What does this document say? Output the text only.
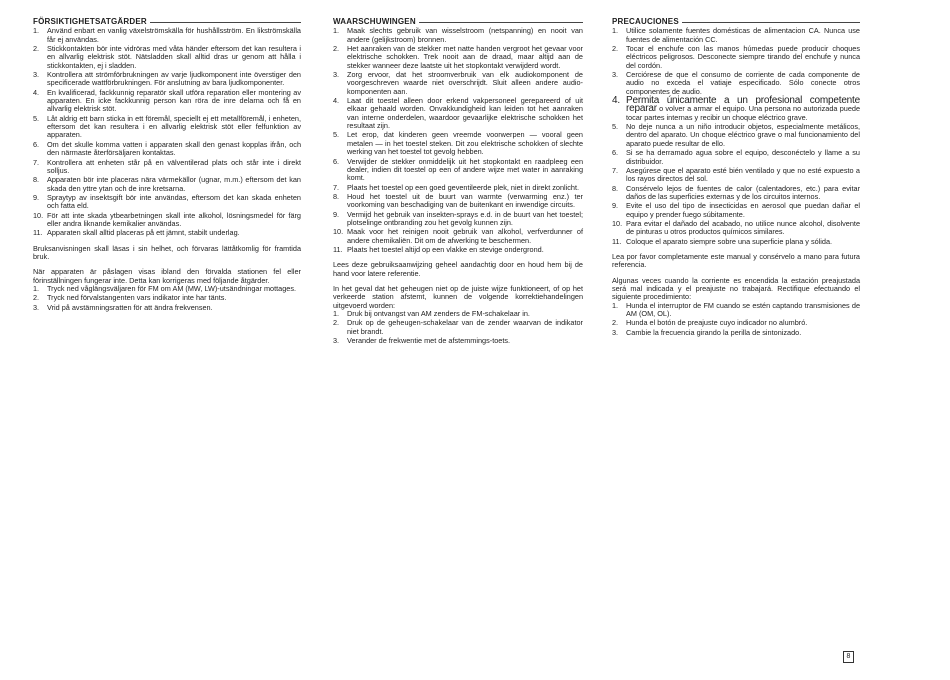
FÖRSIKTIGHETSATGÄRDER
1. Använd enbart en vanlig växelströmskälla för hushållsström. En likströmskälla får ej användas.
2. Stickkontakten bör inte vidröras med våta händer eftersom det kan resultera i en allvarlig elektrisk stöt. Nätsladden skall alltid dras ur genom att hålla i stickkontakten, ej i sladden.
3. Kontrollera att strömförbrukningen av varje ljudkomponent inte överstiger den specificerade wattförbrukningen. För anslutning av bara ljudkomponenter.
4. En kvalificerad, fackkunnig reparatör skall utföra reparation eller montering av apparaten. En icke fackkunnig person kan röra de inre delarna och få en allvarlig elektrisk stöt.
5. Låt aldrig ett barn sticka in ett föremål, speciellt ej ett metallföremål, i enheten, eftersom det kan resultera i en allvarlig elektrisk stöt eller felfunktion av apparaten.
6. Om det skulle komma vatten i apparaten skall den genast kopplas ifrån, och den närmaste återförsäljaren kontaktas.
7. Kontrollera att enheten står på en välventilerad plats och står inte i direkt solljus.
8. Apparaten bör inte placeras nära värmekällor (ugnar, m.m.) eftersom det kan skada den yttre ytan och de inre kretsarna.
9. Spraytyp av insektsgift bör inte användas, eftersom det kan skada enheten och fatta eld.
10. För att inte skada ytbearbetningen skall inte alkohol, lösningsmedel för färg eller andra liknande kemikalier användas.
11. Apparaten skall alltid placeras på ett jämnt, stabilt underlag.

Bruksanvisningen skall läsas i sin helhet, och förvaras lättåtkomlig för framtida bruk.

När apparaten är påslagen visas ibland den förvalda stationen fel eller förinställningen fungerar inte. Detta kan korrigeras med följande åtgärder.

1. Tryck ned våglängsväljaren för FM om AM (MW, LW)-utsändningar mottages.
2. Tryck ned förvalstangenten vars indikator inte har tänts.
3. Vrid på avstämningsratten för att ändra frekvensen.
WAARSCHUWINGEN
1. Maak slechts gebruik van wisselstroom (netspanning) en nooit van andere (gelijkstroom) bronnen.
2. Het aanraken van de stekker met natte handen vergroot het gevaar voor elektrische schokken. Trek nooit aan de draad, maar altijd aan de stekker wanneer deze laatste uit het stopkontakt verwijderd wordt.
3. Zorg ervoor, dat het stroomverbruik van elk audiokomponent de voorgeschreven waarde niet overschrijdt. Sluit alleen andere audio-komponenten aan.
4. Laat dit toestel alleen door erkend vakpersoneel gerepareerd of uit elkaar gehaald worden. Onvakkundigheid kan leiden tot het aanraken van interne onderdelen, waardoor gevaarlijke elektrische schokken het resultaat zijn.
5. Let erop, dat kinderen geen vreemde voorwerpen — vooral geen metalen — in het toestel steken. Dit zou elektrische schokken of slechte werking van het toestel tot gevolg hebben.
6. Verwijder de stekker onmiddelijk uit het stopkontakt en raadpleeg een dealer, indien dit toestel op een of andere wijze met water in aanraking komt.
7. Plaats het toestel op een goed geventileerde plek, niet in direkt zonlicht.
8. Houd het toestel uit de buurt van warmte (verwarming enz.) ter voorkoming van beschadiging van de buitenkant en inwendige circuits.
9. Vermijd het gebruik van insekten-sprays e.d. in de buurt van het toestel; plotselinge ontbranding zou het gevolg kunnen zijn.
10. Maak voor het reinigen nooit gebruik van alkohol, verfverdunner of andere chemikaliën. Dit om de afwerking te beschermen.
11. Plaats het toestel altijd op een vlakke en stevige ondergrond.

Lees deze gebruiksaanwijzing geheel aandachtig door en houd hem bij de hand voor latere referentie.

In het geval dat het geheugen niet op de juiste wijze funktioneert, of op het verkeerde station afstemt, kunnen de volgende korrektiehandelingen uitgevoerd worden:

1. Druk bij ontvangst van AM zenders de FM-schakelaar in.
2. Druk op de geheugen-schakelaar van de zender waarvan de indikator niet brandt.
3. Verander de frekwentie met de afstemmings-toets.
PRECAUCIONES
1. Utilice solamente fuentes domésticas de alimentacion CA. Nunca use fuentes de alimentación CC.
2. Tocar el enchufe con las manos húmedas puede producir choques eléctricos peligrosos. Desconecte siempre tirando del enchufe y nunca del cordón.
3. Cerciórese de que el consumo de corriente de cada componente de audio no exceda el vatiaje especificado. Sólo conecte otros componentes de audio.
4. Permita únicamente a un profesional competente reparar o volver a armar el equipo. Una persona no autorizada puede tocar partes internas y recibir un choque eléctrico grave.
5. No deje nunca a un niño introducir objetos, especialmente metálicos, dentro del aparato. Un choque eléctrico grave o mal funcionamiento del aparato puede resultar de ello.
6. Si se ha derramado agua sobre el equipo, desconéctelo y llame a su distribuidor.
7. Asegúrese que el aparato esté bién ventilado y que no esté expuesto a los rayos directos del sol.
8. Consérvelo lejos de fuentes de calor (calentadores, etc.) para evitar daños de las superficies externas y de los circuitos internos.
9. Evite el uso del tipo de insecticidas en aerosol que puedan dañar el equipo y prender fuego súbitamente.
10. Para evitar el dañado del acabado, no utilice nunce alcohol, disolvente de pinturas u otros productos químicos similares.
11. Coloque el aparato siempre sobre una superficie plana y sólida.

Lea por favor completamente este manual y consérvelo a mano para futura referencia.

Algunas veces cuando la corriente es encendida la estación preajustada será mal indicada y el preajuste no trabajará. Rectifique efectuando el siguiente procedimiento:

1. Hunda el interruptor de FM cuando se estén captando transmisiones de AM (OM, OL).
2. Hunda el botón de preajuste cuyo indicador no alumbró.
3. Cambie la frecuencia girando la perilla de sintonizado.
8
